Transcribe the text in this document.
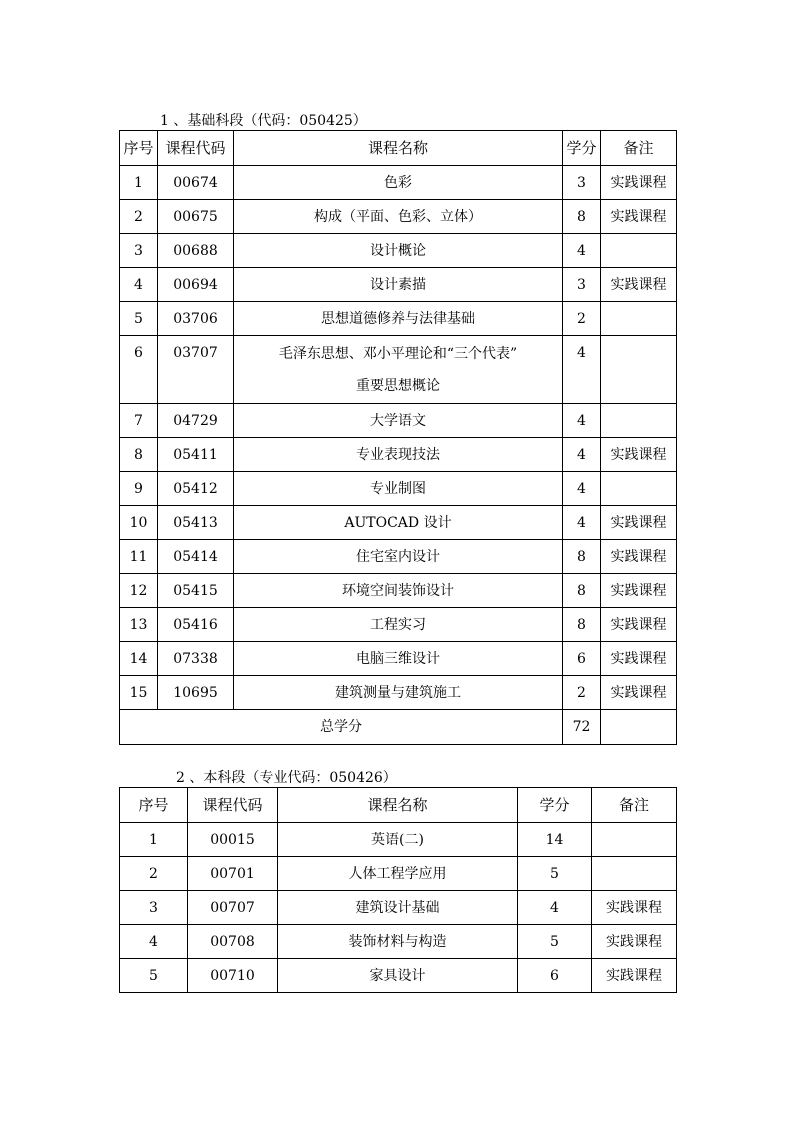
1 、基础科段（代码：050425）
序号	课程代码	课程名称	学分	备注
1	00674	色彩	3	实践课程
2	00675	构成（平面、色彩、立体）	8	实践课程
3	00688	设计概论	4	
4	00694	设计素描	3	实践课程
5	03706	思想道德修养与法律基础	2	
6	03707	毛泽东思想、邓小平理论和“三个代表”
重要思想概论	4	
7	04729	大学语文	4	
8	05411	专业表现技法	4	实践课程
9	05412	专业制图	4	
10	05413	AUTOCAD 设计	4	实践课程
11	05414	住宅室内设计	8	实践课程
12	05415	环境空间装饰设计	8	实践课程
13	05416	工程实习	8	实践课程
14	07338	电脑三维设计	6	实践课程
15	10695	建筑测量与建筑施工	2	实践课程
总学分			72	
2 、本科段（专业代码：050426）
序号	课程代码	课程名称	学分	备注
1	00015	英语(二)	14	
2	00701	人体工程学应用	5	
3	00707	建筑设计基础	4	实践课程
4	00708	装饰材料与构造	5	实践课程
5	00710	家具设计	6	实践课程
